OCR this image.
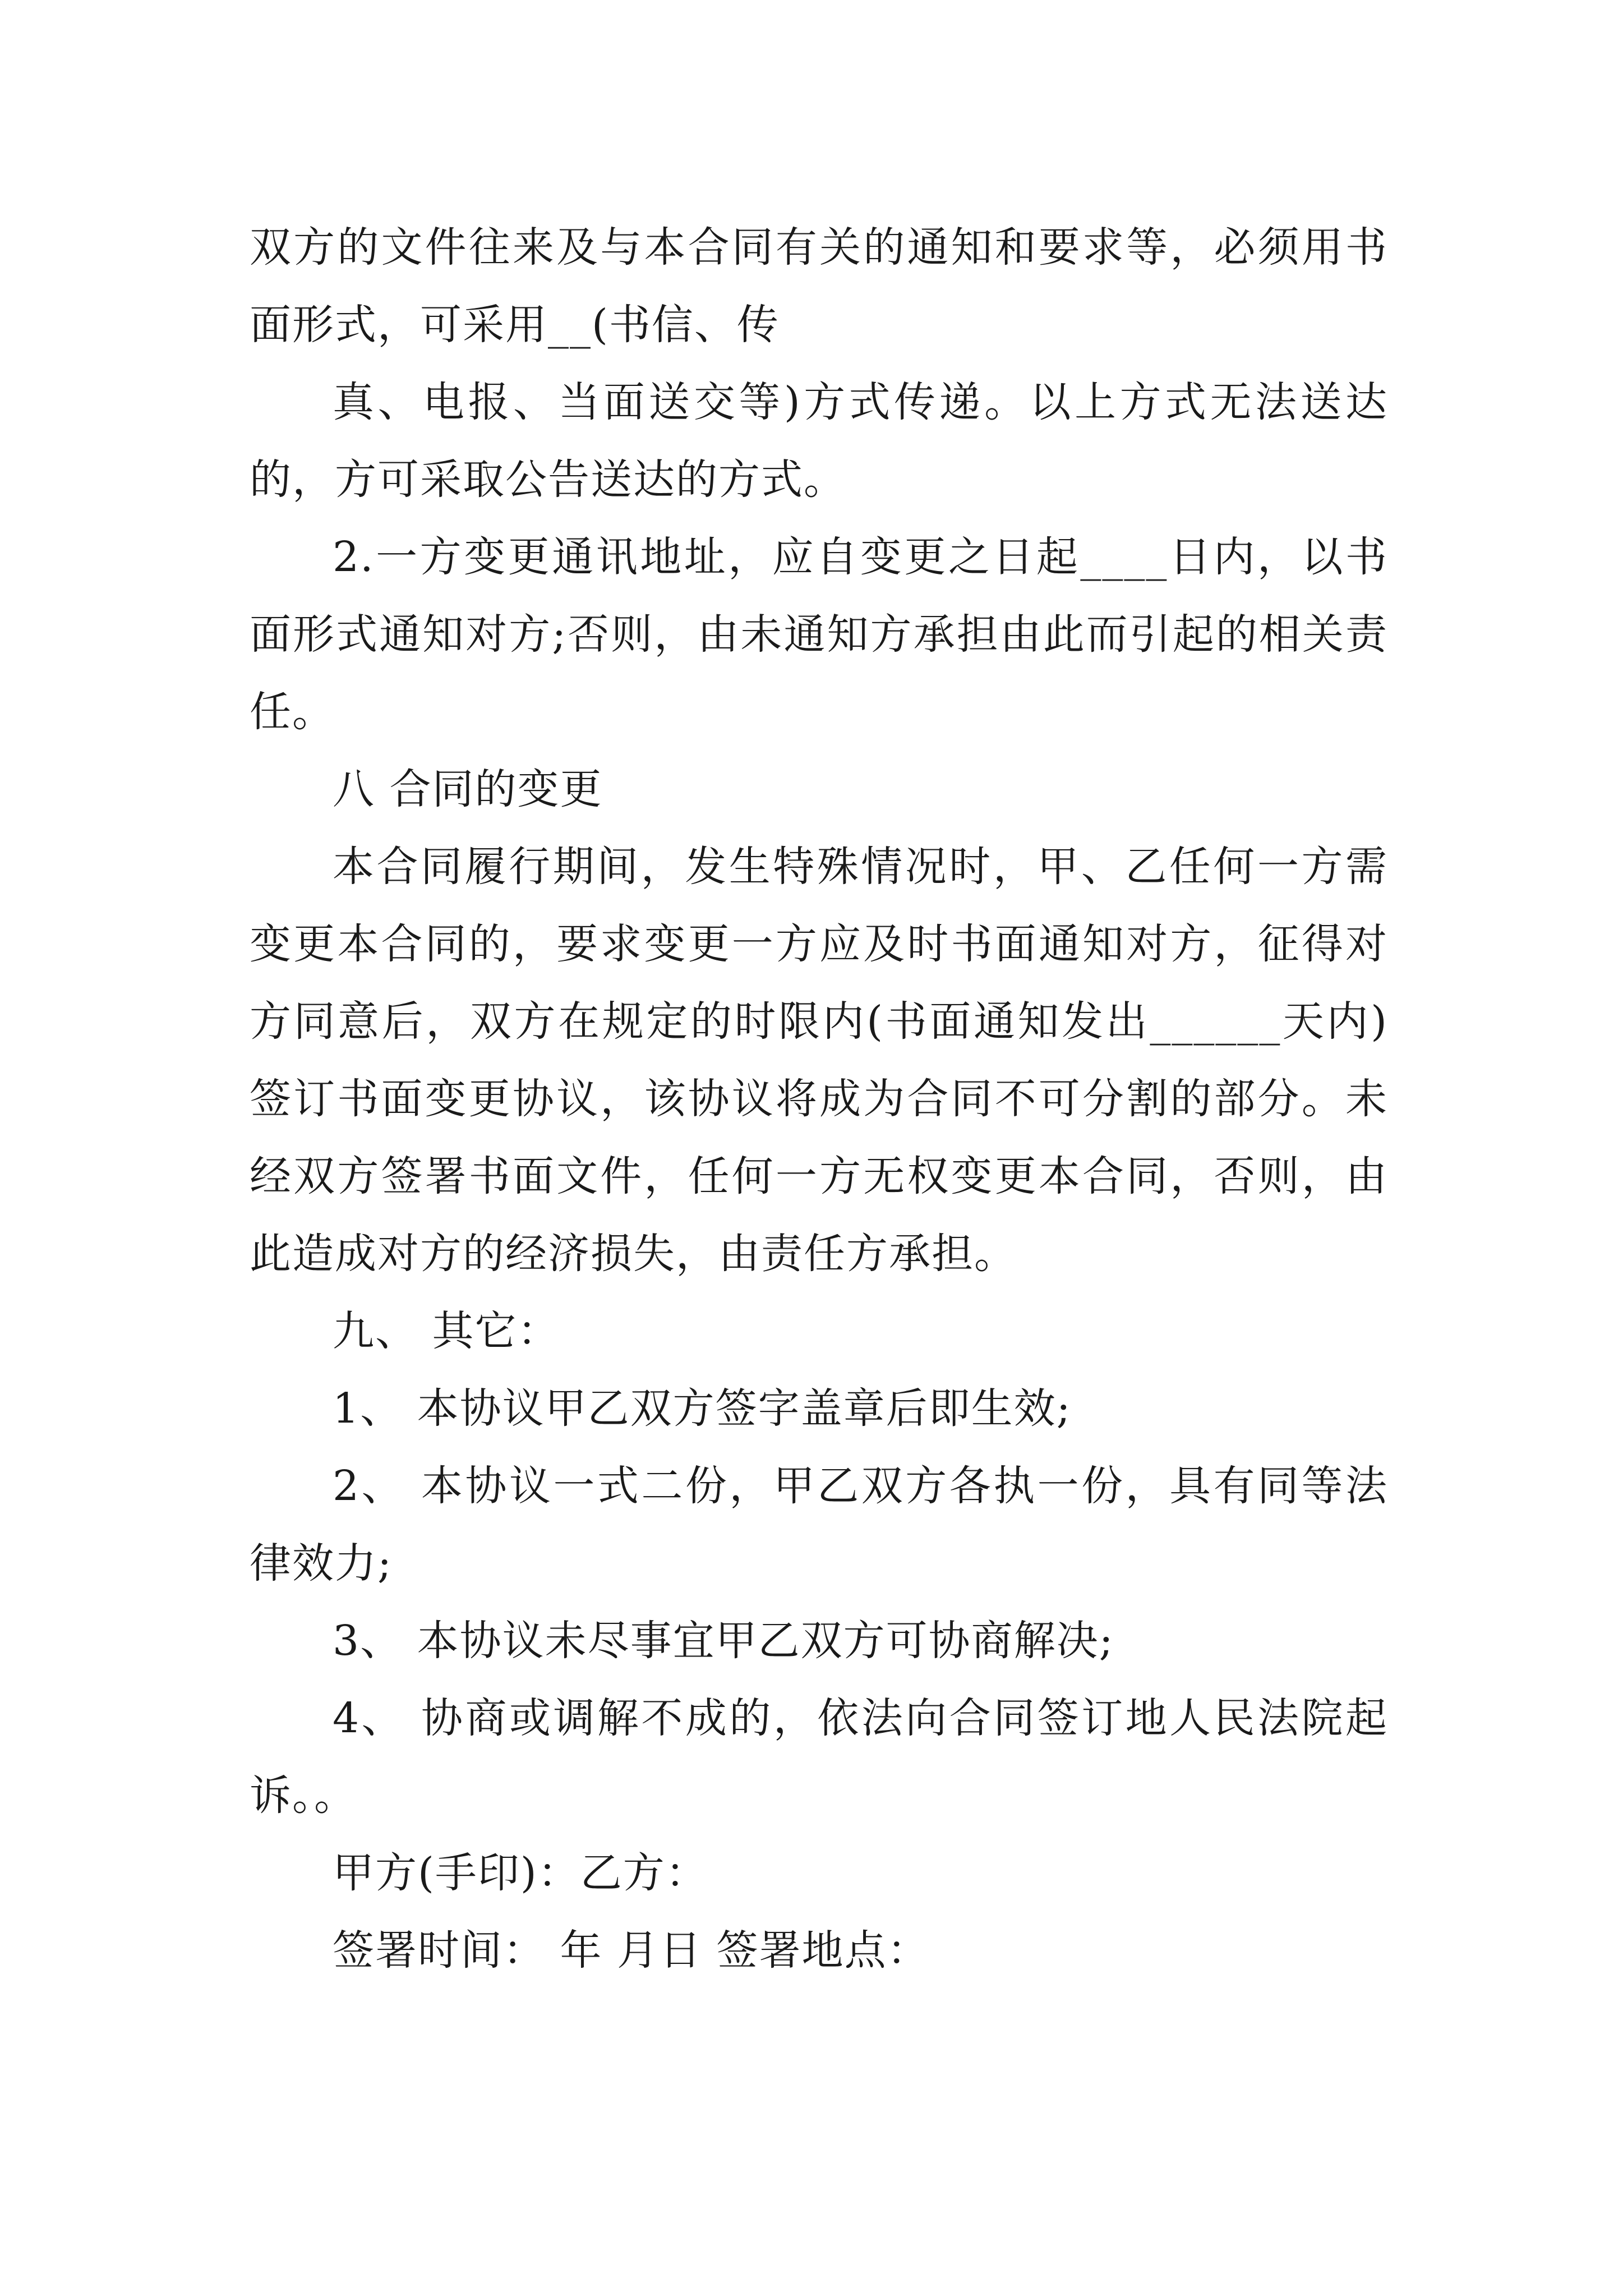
双方的文件往来及与本合同有关的通知和要求等，必须用书面形式，可采用__(书信、传

真、电报、当面送交等)方式传递。以上方式无法送达的，方可采取公告送达的方式。

2.一方变更通讯地址，应自变更之日起____日内，以书面形式通知对方;否则，由未通知方承担由此而引起的相关责任。

八 合同的变更

本合同履行期间，发生特殊情况时，甲、乙任何一方需变更本合同的，要求变更一方应及时书面通知对方，征得对方同意后，双方在规定的时限内(书面通知发出______天内)签订书面变更协议，该协议将成为合同不可分割的部分。未经双方签署书面文件，任何一方无权变更本合同，否则，由此造成对方的经济损失，由责任方承担。

九、 其它：

1、 本协议甲乙双方签字盖章后即生效;

2、 本协议一式二份，甲乙双方各执一份，具有同等法律效力;

3、 本协议未尽事宜甲乙双方可协商解决;

4、 协商或调解不成的，依法向合同签订地人民法院起诉。。

甲方(手印)：乙方：

签署时间： 年 月日 签署地点：
